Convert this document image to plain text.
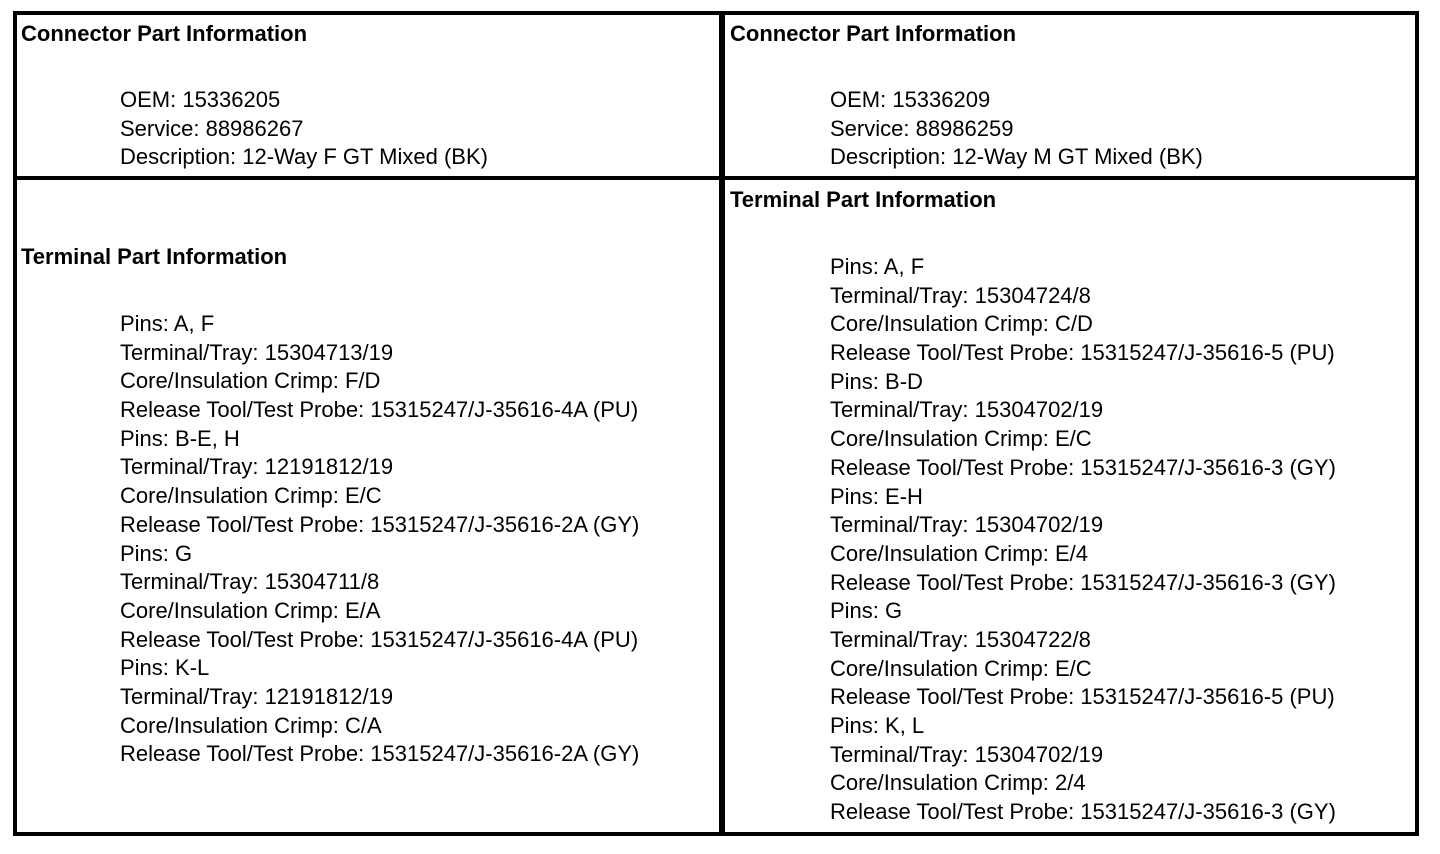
Connector Part Information
OEM: 15336205
Service: 88986267
Description: 12-Way F GT Mixed (BK)
Connector Part Information
OEM: 15336209
Service: 88986259
Description: 12-Way M GT Mixed (BK)
Terminal Part Information
Pins: A, F
Terminal/Tray: 15304713/19
Core/Insulation Crimp: F/D
Release Tool/Test Probe: 15315247/J-35616-4A (PU)
Pins: B-E, H
Terminal/Tray: 12191812/19
Core/Insulation Crimp: E/C
Release Tool/Test Probe: 15315247/J-35616-2A (GY)
Pins: G
Terminal/Tray: 15304711/8
Core/Insulation Crimp: E/A
Release Tool/Test Probe: 15315247/J-35616-4A (PU)
Pins: K-L
Terminal/Tray: 12191812/19
Core/Insulation Crimp: C/A
Release Tool/Test Probe: 15315247/J-35616-2A (GY)
Terminal Part Information
Pins: A, F
Terminal/Tray: 15304724/8
Core/Insulation Crimp: C/D
Release Tool/Test Probe: 15315247/J-35616-5 (PU)
Pins: B-D
Terminal/Tray: 15304702/19
Core/Insulation Crimp: E/C
Release Tool/Test Probe: 15315247/J-35616-3 (GY)
Pins: E-H
Terminal/Tray: 15304702/19
Core/Insulation Crimp: E/4
Release Tool/Test Probe: 15315247/J-35616-3 (GY)
Pins: G
Terminal/Tray: 15304722/8
Core/Insulation Crimp: E/C
Release Tool/Test Probe: 15315247/J-35616-5 (PU)
Pins: K, L
Terminal/Tray: 15304702/19
Core/Insulation Crimp: 2/4
Release Tool/Test Probe: 15315247/J-35616-3 (GY)
